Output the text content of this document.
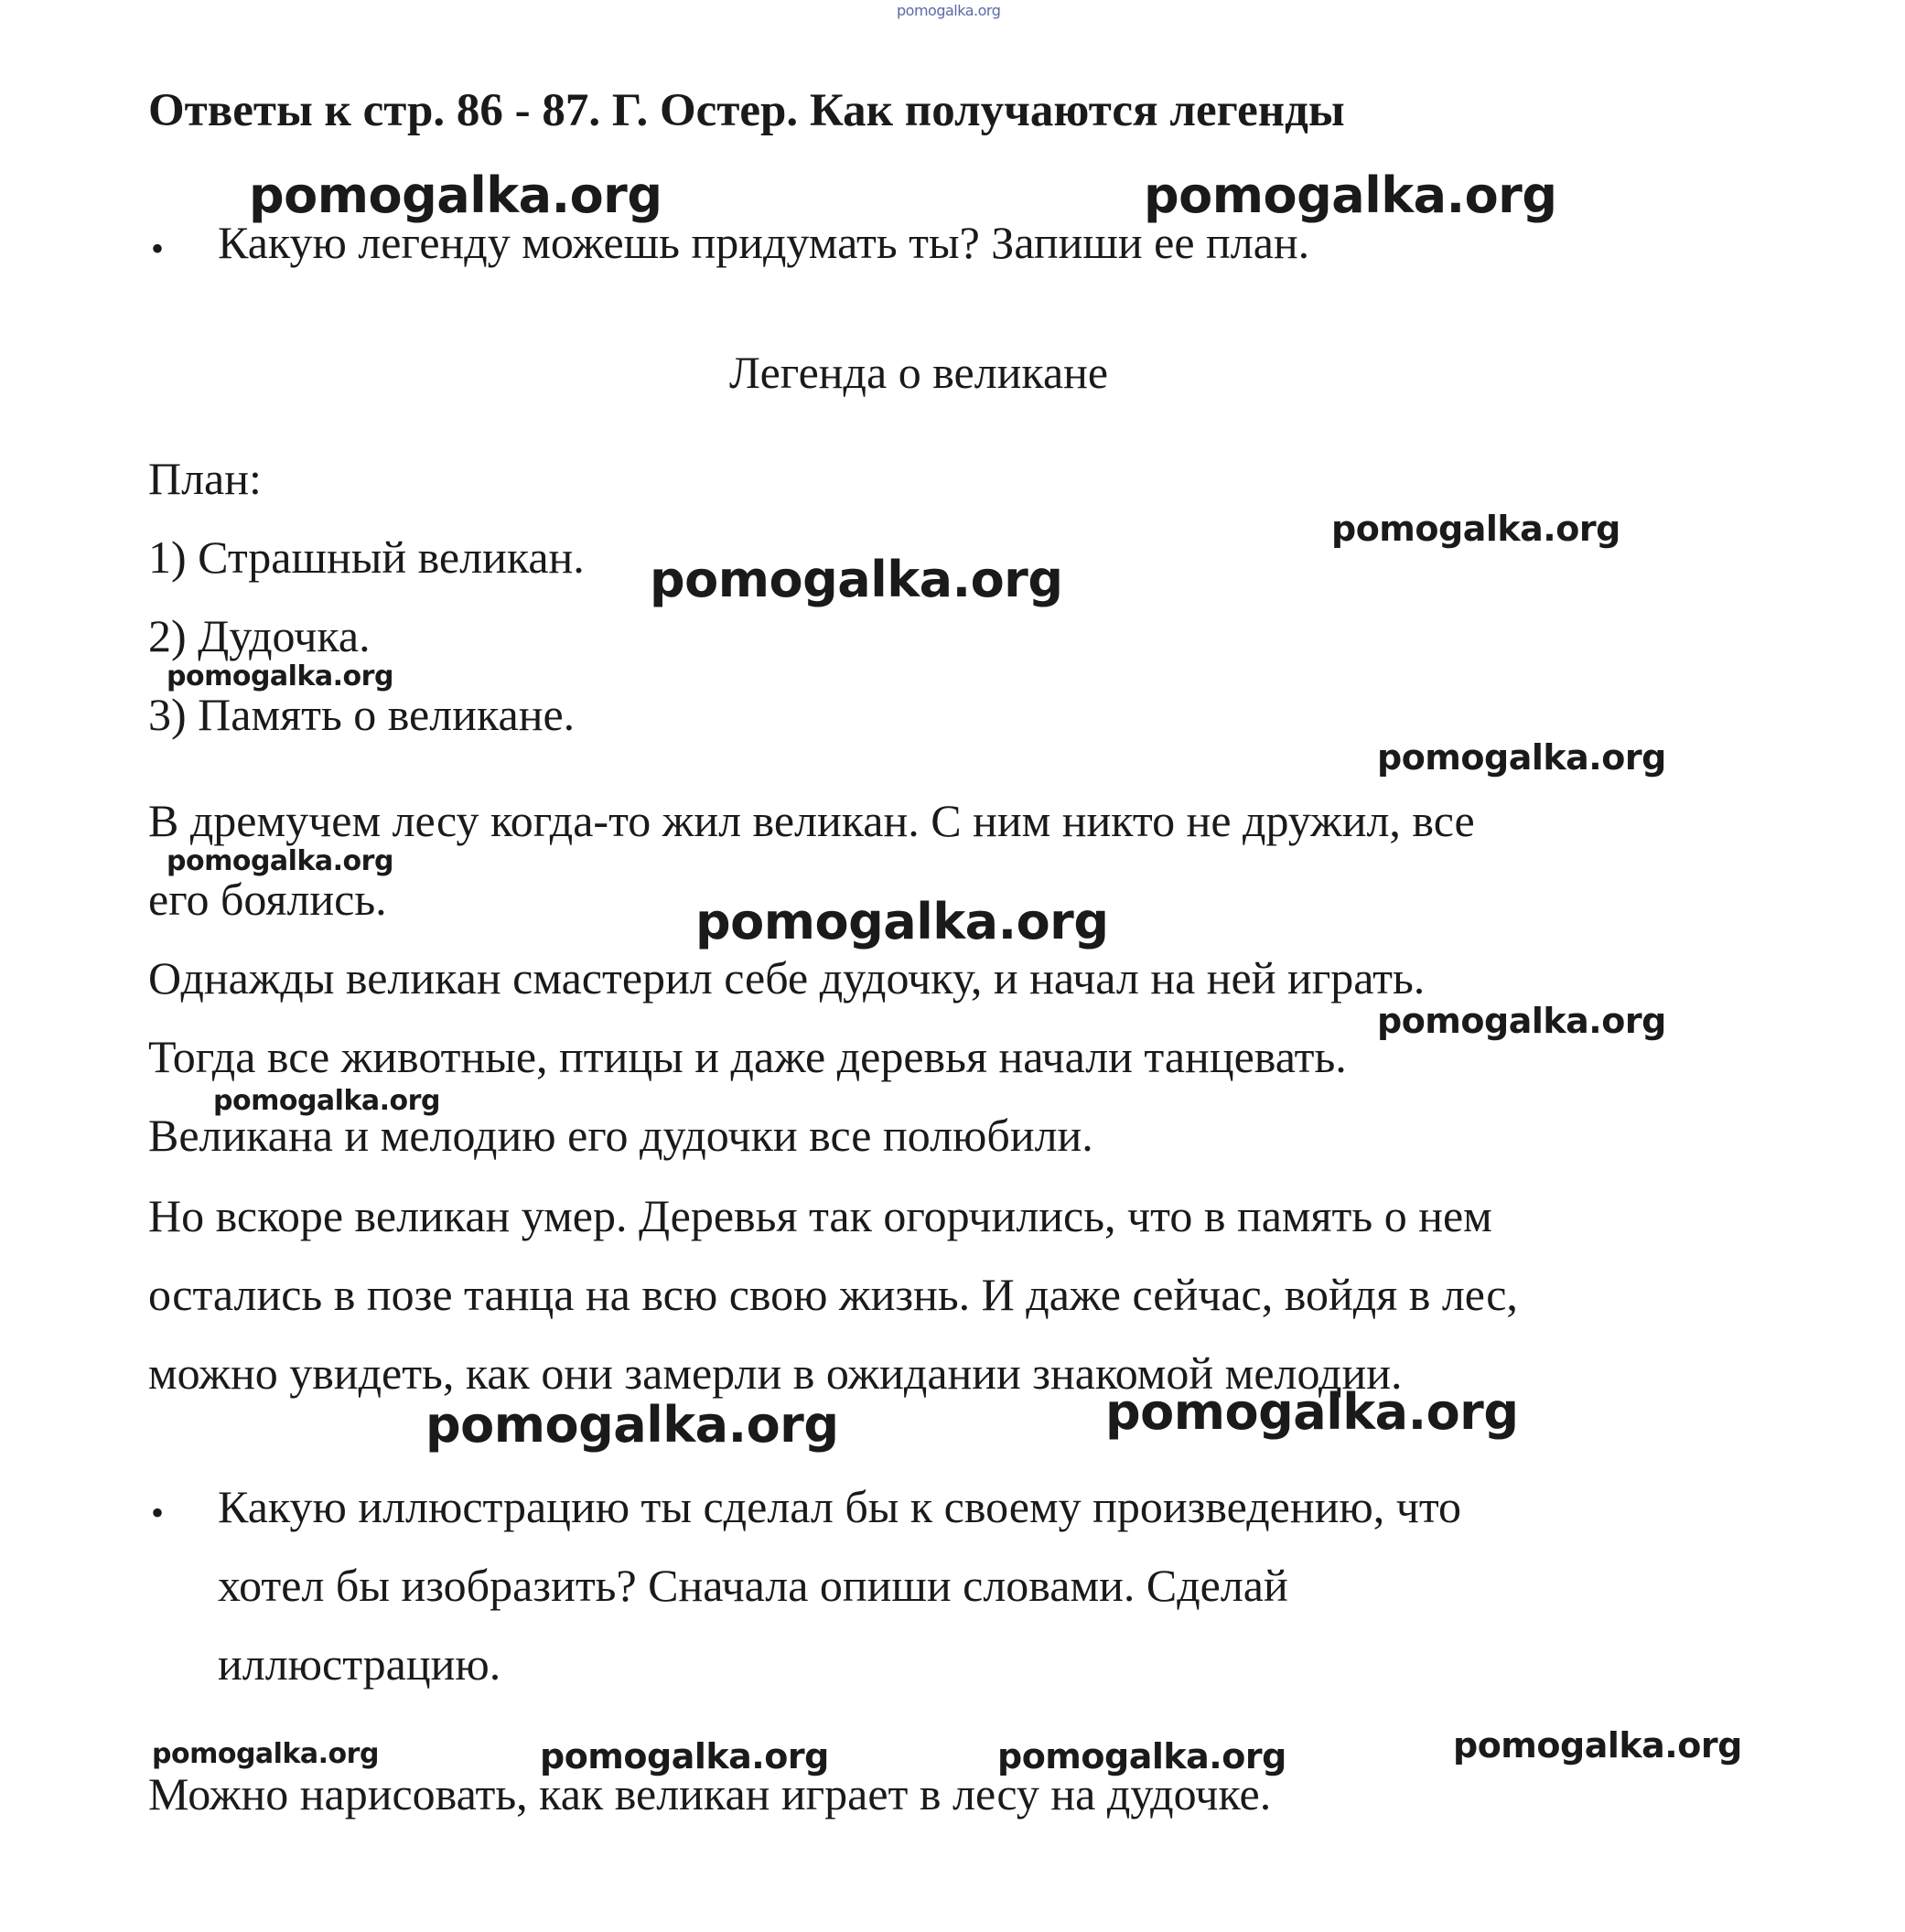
pomogalka.org
Ответы к стр. 86 - 87. Г. Остер. Как получаются легенды
• Какую легенду можешь придумать ты? Запиши ее план.
Легенда о великане
План:
1) Страшный великан.
2) Дудочка.
3) Память о великане.
В дремучем лесу когда-то жил великан. С ним никто не дружил, все
его боялись.
Однажды великан смастерил себе дудочку, и начал на ней играть.
Тогда все животные, птицы и даже деревья начали танцевать.
Великана и мелодию его дудочки все полюбили.
Но вскоре великан умер. Деревья так огорчились, что в память о нем
остались в позе танца на всю свою жизнь. И даже сейчас, войдя в лес,
можно увидеть, как они замерли в ожидании знакомой мелодии.
• Какую иллюстрацию ты сделал бы к своему произведению, что
хотел бы изобразить? Сначала опиши словами. Сделай
иллюстрацию.
Можно нарисовать, как великан играет в лесу на дудочке.
pomogalka.org	pomogalka.org
pomogalka.org
pomogalka.org
pomogalka.org
pomogalka.org
pomogalka.org
pomogalka.org
pomogalka.org
pomogalka.org
pomogalka.org	pomogalka.org
pomogalka.org	pomogalka.org	pomogalka.org	pomogalka.org
